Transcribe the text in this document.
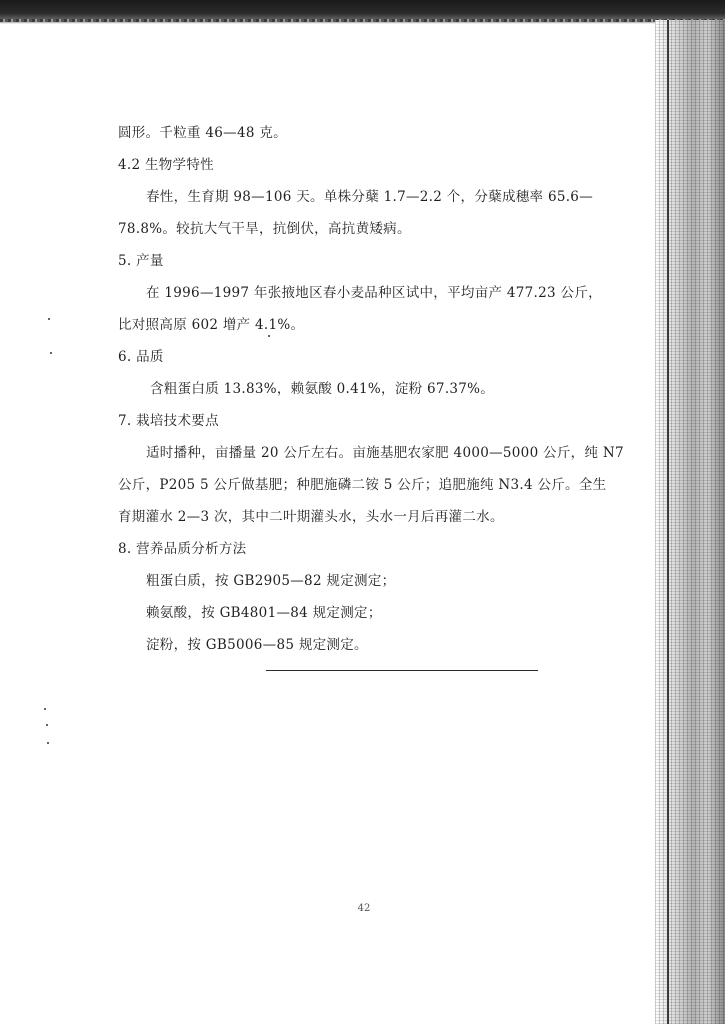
圆形。千粒重 46—48 克。
4.2 生物学特性
春性，生育期 98—106 天。单株分蘖 1.7—2.2 个，分蘖成穗率 65.6—
78.8%。较抗大气干旱，抗倒伏，高抗黄矮病。
5. 产量
在 1996—1997 年张掖地区春小麦品种区试中，平均亩产 477.23 公斤，
比对照高原 602 增产 4.1%。
6. 品质
含粗蛋白质 13.83%，赖氨酸 0.41%，淀粉 67.37%。
7. 栽培技术要点
适时播种，亩播量 20 公斤左右。亩施基肥农家肥 4000—5000 公斤，纯 N7
公斤，P205 5 公斤做基肥；种肥施磷二铵 5 公斤；追肥施纯 N3.4 公斤。全生
育期灌水 2—3 次，其中二叶期灌头水，头水一月后再灌二水。
8. 营养品质分析方法
粗蛋白质，按 GB2905—82 规定测定；
赖氨酸，按 GB4801—84 规定测定；
淀粉，按 GB5006—85 规定测定。
42
